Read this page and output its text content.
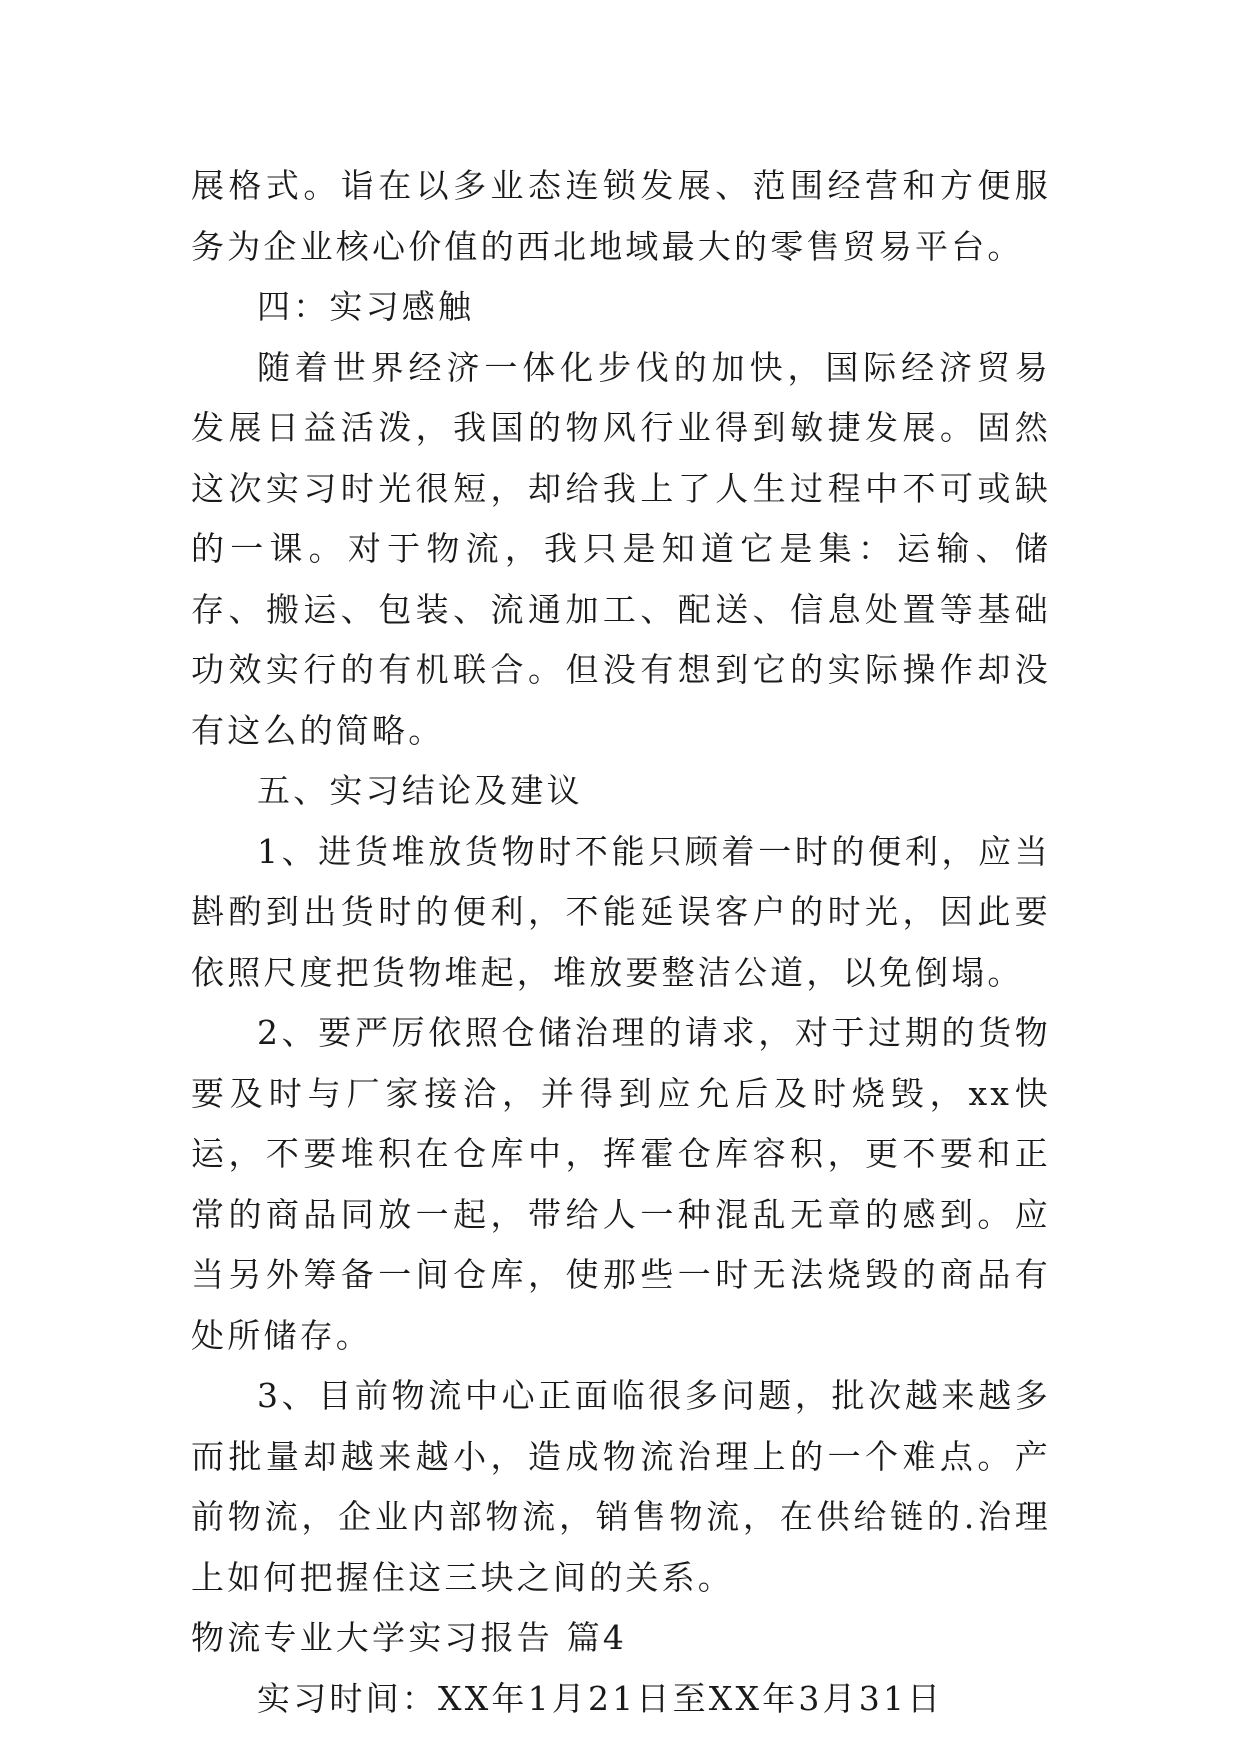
展格式。诣在以多业态连锁发展、范围经营和方便服务为企业核心价值的西北地域最大的零售贸易平台。

四：实习感触

随着世界经济一体化步伐的加快，国际经济贸易发展日益活泼，我国的物风行业得到敏捷发展。固然这次实习时光很短，却给我上了人生过程中不可或缺的一课。对于物流，我只是知道它是集：运输、储存、搬运、包装、流通加工、配送、信息处置等基础功效实行的有机联合。但没有想到它的实际操作却没有这么的简略。

五、实习结论及建议

1、进货堆放货物时不能只顾着一时的便利，应当斟酌到出货时的便利，不能延误客户的时光，因此要依照尺度把货物堆起，堆放要整洁公道，以免倒塌。

2、要严厉依照仓储治理的请求，对于过期的货物要及时与厂家接洽，并得到应允后及时烧毁，xx快运，不要堆积在仓库中，挥霍仓库容积，更不要和正常的商品同放一起，带给人一种混乱无章的感到。应当另外筹备一间仓库，使那些一时无法烧毁的商品有处所储存。

3、目前物流中心正面临很多问题，批次越来越多而批量却越来越小，造成物流治理上的一个难点。产前物流，企业内部物流，销售物流，在供给链的.治理上如何把握住这三块之间的关系。

物流专业大学实习报告 篇4

实习时间：XX年1月21日至XX年3月31日
